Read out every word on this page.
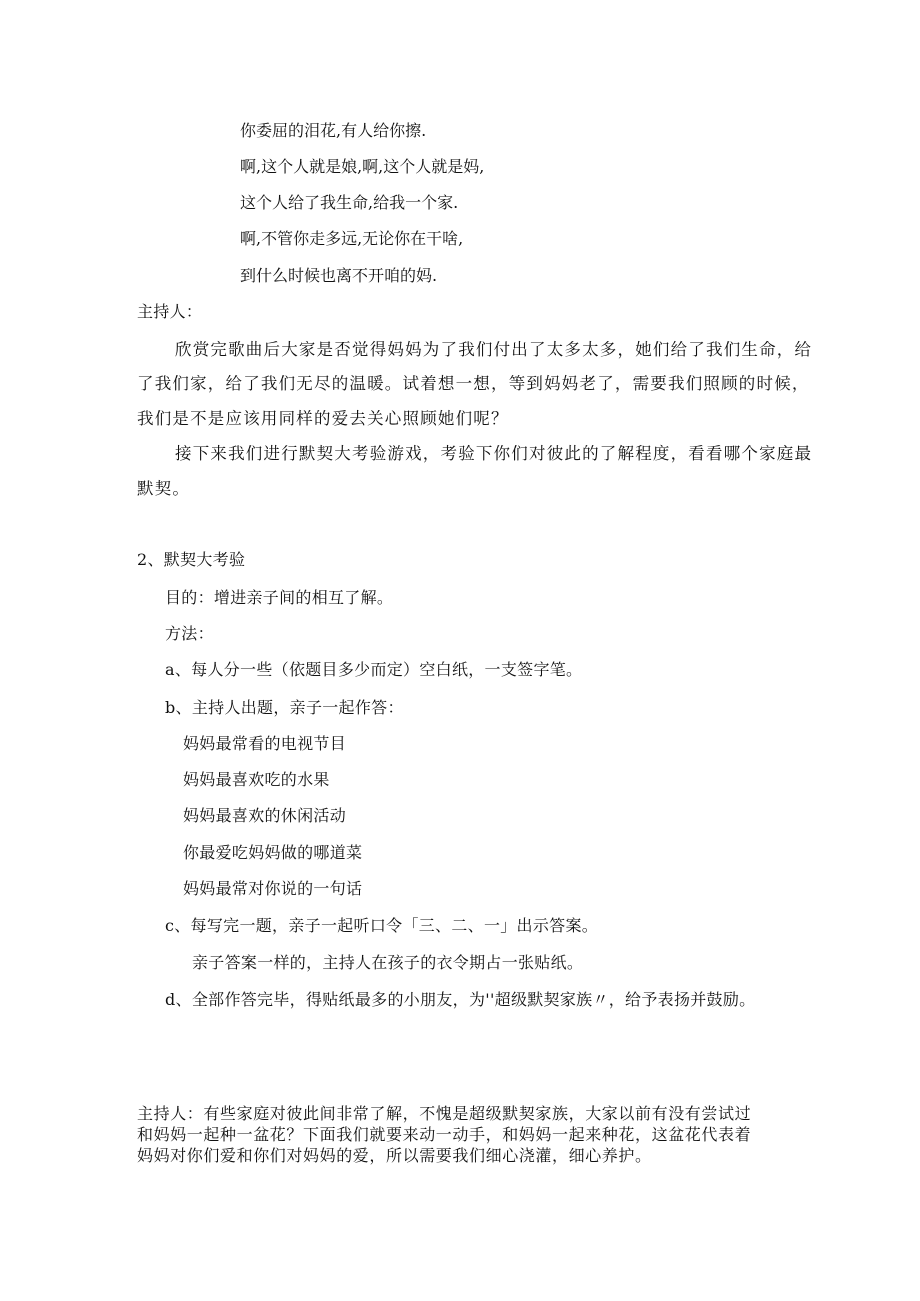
你委屈的泪花,有人给你擦.
啊,这个人就是娘,啊,这个人就是妈,
这个人给了我生命,给我一个家.
啊,不管你走多远,无论你在干啥,
到什么时候也离不开咱的妈.
主持人：
欣赏完歌曲后大家是否觉得妈妈为了我们付出了太多太多，她们给了我们生命，给
了我们家，给了我们无尽的温暖。试着想一想，等到妈妈老了，需要我们照顾的时候，
我们是不是应该用同样的爱去关心照顾她们呢？
接下来我们进行默契大考验游戏，考验下你们对彼此的了解程度，看看哪个家庭最
默契。
2、默契大考验
目的：增进亲子间的相互了解。
方法：
a、每人分一些（依题目多少而定）空白纸，一支签字笔。
b、主持人出题，亲子一起作答：
妈妈最常看的电视节目
妈妈最喜欢吃的水果
妈妈最喜欢的休闲活动
你最爱吃妈妈做的哪道菜
妈妈最常对你说的一句话
c、每写完一题，亲子一起听口令「三、二、一」出示答案。
亲子答案一样的，主持人在孩子的衣令期占一张贴纸。
d、全部作答完毕，得贴纸最多的小朋友，为''超级默契家族〃，给予表扬并鼓励。
主持人：有些家庭对彼此间非常了解，不愧是超级默契家族，大家以前有没有尝试过
和妈妈一起种一盆花？下面我们就要来动一动手，和妈妈一起来种花，这盆花代表着
妈妈对你们爱和你们对妈妈的爱，所以需要我们细心浇灌，细心养护。
